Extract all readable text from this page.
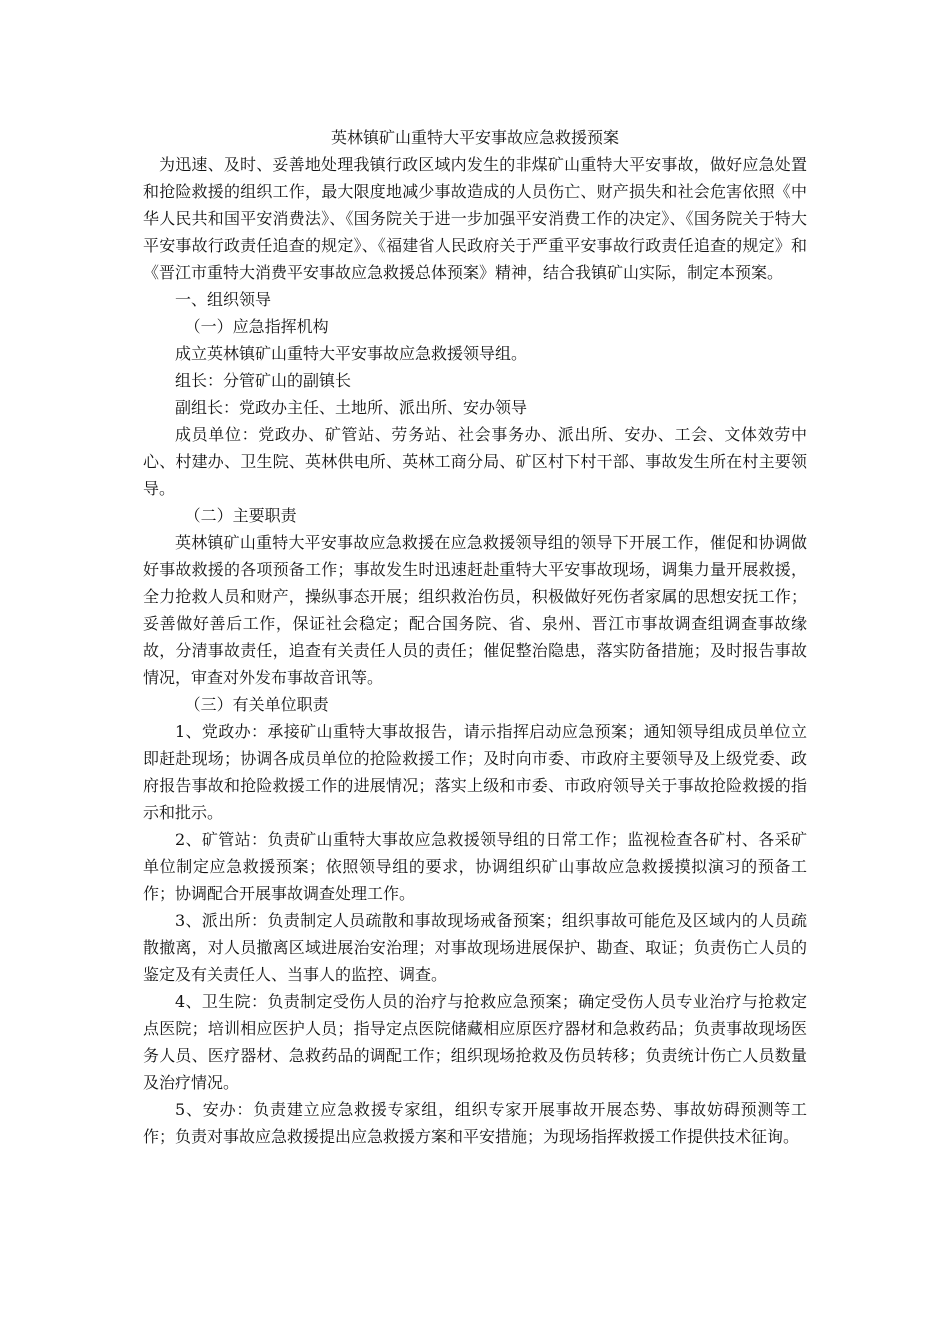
英林镇矿山重特大平安事故应急救援预案

为迅速、及时、妥善地处理我镇行政区域内发生的非煤矿山重特大平安事故，做好应急处置和抢险救援的组织工作，最大限度地减少事故造成的人员伤亡、财产损失和社会危害依照《中华人民共和国平安消费法》、《国务院关于进一步加强平安消费工作的决定》、《国务院关于特大平安事故行政责任追查的规定》、《福建省人民政府关于严重平安事故行政责任追查的规定》和《晋江市重特大消费平安事故应急救援总体预案》精神，结合我镇矿山实际，制定本预案。

一、组织领导

（一）应急指挥机构

成立英林镇矿山重特大平安事故应急救援领导组。

组长：分管矿山的副镇长

副组长：党政办主任、土地所、派出所、安办领导

成员单位：党政办、矿管站、劳务站、社会事务办、派出所、安办、工会、文体效劳中心、村建办、卫生院、英林供电所、英林工商分局、矿区村下村干部、事故发生所在村主要领导。

（二）主要职责

英林镇矿山重特大平安事故应急救援在应急救援领导组的领导下开展工作，催促和协调做好事故救援的各项预备工作；事故发生时迅速赶赴重特大平安事故现场，调集力量开展救援，全力抢救人员和财产，操纵事态开展；组织救治伤员，积极做好死伤者家属的思想安抚工作；妥善做好善后工作，保证社会稳定；配合国务院、省、泉州、晋江市事故调查组调查事故缘故，分清事故责任，追查有关责任人员的责任；催促整治隐患，落实防备措施；及时报告事故情况，审查对外发布事故音讯等。

（三）有关单位职责

1、党政办：承接矿山重特大事故报告，请示指挥启动应急预案；通知领导组成员单位立即赶赴现场；协调各成员单位的抢险救援工作；及时向市委、市政府主要领导及上级党委、政府报告事故和抢险救援工作的进展情况；落实上级和市委、市政府领导关于事故抢险救援的指示和批示。

2、矿管站：负责矿山重特大事故应急救援领导组的日常工作；监视检查各矿村、各采矿单位制定应急救援预案；依照领导组的要求，协调组织矿山事故应急救援摸拟演习的预备工作；协调配合开展事故调查处理工作。

3、派出所：负责制定人员疏散和事故现场戒备预案；组织事故可能危及区域内的人员疏散撤离，对人员撤离区域进展治安治理；对事故现场进展保护、勘查、取证；负责伤亡人员的鉴定及有关责任人、当事人的监控、调查。

4、卫生院：负责制定受伤人员的治疗与抢救应急预案；确定受伤人员专业治疗与抢救定点医院；培训相应医护人员；指导定点医院储藏相应原医疗器材和急救药品；负责事故现场医务人员、医疗器材、急救药品的调配工作；组织现场抢救及伤员转移；负责统计伤亡人员数量及治疗情况。

5、安办：负责建立应急救援专家组，组织专家开展事故开展态势、事故妨碍预测等工作；负责对事故应急救援提出应急救援方案和平安措施；为现场指挥救援工作提供技术征询。
